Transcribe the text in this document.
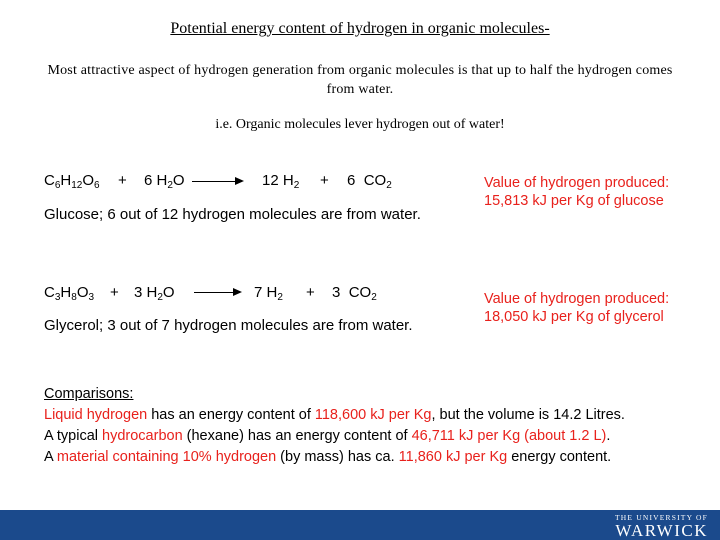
Potential energy content of hydrogen in organic molecules-
Most attractive aspect of hydrogen generation from organic molecules is that up to half the hydrogen comes from water.
i.e. Organic molecules lever hydrogen out of water!
$C_6H_{12}O_6 + 6$ $H_2O$	12 $H_2 + 6$ $CO_2$
Glucose; 6 out of 12 hydrogen molecules are from water.
Value of hydrogen produced:
15,813 kJ per Kg of glucose
$C_3H_8O_3 + 3$ $H_2O$	7 $H_2 + 3$ $CO_2$
Glycerol; 3 out of 7 hydrogen molecules are from water.
Value of hydrogen produced:
18,050 kJ per Kg of glycerol
Comparisons:
Liquid hydrogen has an energy content of 118,600 kJ per Kg, but the volume is 14.2 Litres.
A typical hydrocarbon (hexane) has an energy content of 46,711 kJ per Kg (about 1.2 L).
A material containing 10% hydrogen (by mass) has ca. 11,860 kJ per Kg energy content.
THE UNIVERSITY OF
WARWICK
